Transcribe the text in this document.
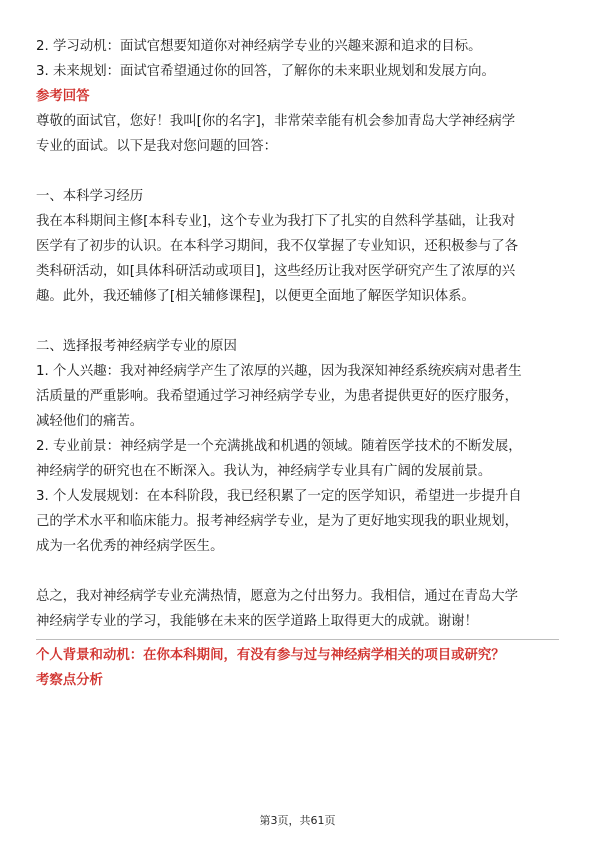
2. 学习动机：面试官想要知道你对神经病学专业的兴趣来源和追求的目标。
3. 未来规划：面试官希望通过你的回答，了解你的未来职业规划和发展方向。
参考回答
尊敬的面试官，您好！我叫[你的名字]，非常荣幸能有机会参加青岛大学神经病学
专业的面试。以下是我对您问题的回答：
一、本科学习经历
我在本科期间主修[本科专业]，这个专业为我打下了扎实的自然科学基础，让我对
医学有了初步的认识。在本科学习期间，我不仅掌握了专业知识，还积极参与了各
类科研活动，如[具体科研活动或项目]，这些经历让我对医学研究产生了浓厚的兴
趣。此外，我还辅修了[相关辅修课程]，以便更全面地了解医学知识体系。
二、选择报考神经病学专业的原因
1. 个人兴趣：我对神经病学产生了浓厚的兴趣，因为我深知神经系统疾病对患者生
活质量的严重影响。我希望通过学习神经病学专业，为患者提供更好的医疗服务，
减轻他们的痛苦。
2. 专业前景：神经病学是一个充满挑战和机遇的领域。随着医学技术的不断发展，
神经病学的研究也在不断深入。我认为，神经病学专业具有广阔的发展前景。
3. 个人发展规划：在本科阶段，我已经积累了一定的医学知识，希望进一步提升自
己的学术水平和临床能力。报考神经病学专业，是为了更好地实现我的职业规划，
成为一名优秀的神经病学医生。
总之，我对神经病学专业充满热情，愿意为之付出努力。我相信，通过在青岛大学
神经病学专业的学习，我能够在未来的医学道路上取得更大的成就。谢谢！
个人背景和动机：在你本科期间，有没有参与过与神经病学相关的项目或研究？
考察点分析
第3页，共61页
